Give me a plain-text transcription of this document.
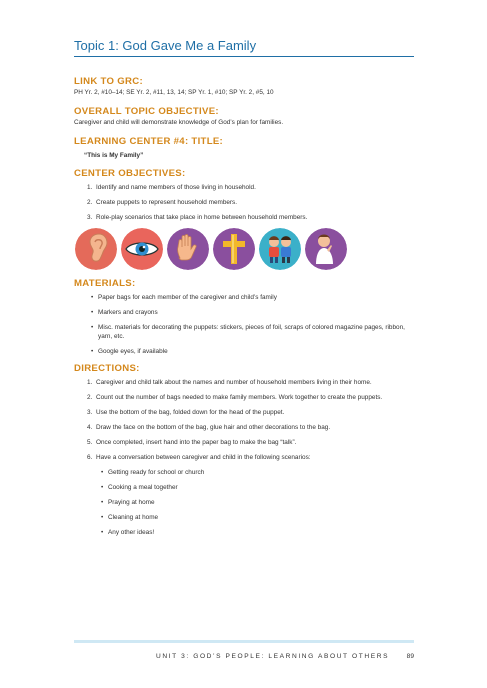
Topic 1: God Gave Me a Family
LINK TO GRC:
PH Yr. 2, #10–14; SE Yr. 2, #11, 13, 14; SP Yr. 1, #10; SP Yr. 2, #5, 10
OVERALL TOPIC OBJECTIVE:
Caregiver and child will demonstrate knowledge of God’s plan for families.
LEARNING CENTER #4: TITLE:
“This is My Family”
CENTER OBJECTIVES:
1. Identify and name members of those living in household.
2. Create puppets to represent household members.
3. Role-play scenarios that take place in home between household members.
MATERIALS:
• Paper bags for each member of the caregiver and child’s family
• Markers and crayons
• Misc. materials for decorating the puppets: stickers, pieces of foil, scraps of colored magazine pages, ribbon, yarn, etc.
• Google eyes, if available
DIRECTIONS:
1. Caregiver and child talk about the names and number of household members living in their home.
2. Count out the number of bags needed to make family members. Work together to create the puppets.
3. Use the bottom of the bag, folded down for the head of the puppet.
4. Draw the face on the bottom of the bag, glue hair and other decorations to the bag.
5. Once completed, insert hand into the paper bag to make the bag “talk”.
6. Have a conversation between caregiver and child in the following scenarios:
• Getting ready for school or church
• Cooking a meal together
• Praying at home
• Cleaning at home
• Any other ideas!
UNIT 3: GOD’S PEOPLE: LEARNING ABOUT OTHERS	89
